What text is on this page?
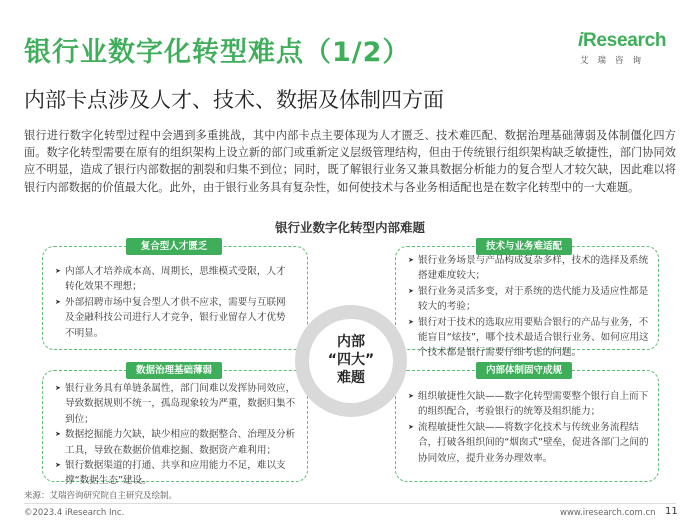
银行业数字化转型难点（1/2）
内部卡点涉及人才、技术、数据及体制四方面
iResearch
艾瑞咨询
银行进行数字化转型过程中会遇到多重挑战，其中内部卡点主要体现为人才匮乏、技术难匹配、数据治理基础薄弱及体制僵化四方面。数字化转型需要在原有的组织架构上设立新的部门或重新定义层级管理结构，但由于传统银行组织架构缺乏敏捷性，部门协同效应不明显，造成了银行内部数据的割裂和归集不到位；同时，既了解银行业务又兼具数据分析能力的复合型人才较欠缺，因此难以将银行内部数据的价值最大化。此外，由于银行业务具有复杂性，如何使技术与各业务相适配也是在数字化转型中的一大难题。
银行业数字化转型内部难题
➤ 内部人才培养成本高、周期长，思维模式受限，人才转化效果不理想；
➤ 外部招聘市场中复合型人才供不应求，需要与互联网及金融科技公司进行人才竞争，银行业留存人才优势不明显。
复合型人才匮乏
➤ 银行业务场景与产品构成复杂多样，技术的选择及系统搭建难度较大；
➤ 银行业务灵活多变，对于系统的迭代能力及适应性都是较大的考验；
➤ 银行对于技术的选取应用要贴合银行的产品与业务，不能盲目“炫技”，哪个技术最适合银行业务、如何应用这个技术都是银行需要仔细考虑的问题。
技术与业务难适配
➤ 银行业务具有单链条属性，部门间难以发挥协同效应，导致数据规则不统一，孤岛现象较为严重，数据归集不到位；
➤ 数据挖掘能力欠缺，缺少相应的数据整合、治理及分析工具，导致在数据价值难挖掘、数据资产难利用；
➤ 银行数据渠道的打通、共享和应用能力不足，难以支撑“数据生态”建设。
数据治理基础薄弱
➤ 组织敏捷性欠缺——数字化转型需要整个银行自上而下的组织配合，考验银行的统筹及组织能力；
➤ 流程敏捷性欠缺——将数字化技术与传统业务流程结合，打破各组织间的“烟囱式”壁垒，促进各部门之间的协同效应，提升业务办理效率。
内部体制固守成规
内部
“四大”
难题
来源：艾瑞咨询研究院自主研究及绘制。
©2023.4 iResearch Inc.	www.iresearch.com.cn 11
